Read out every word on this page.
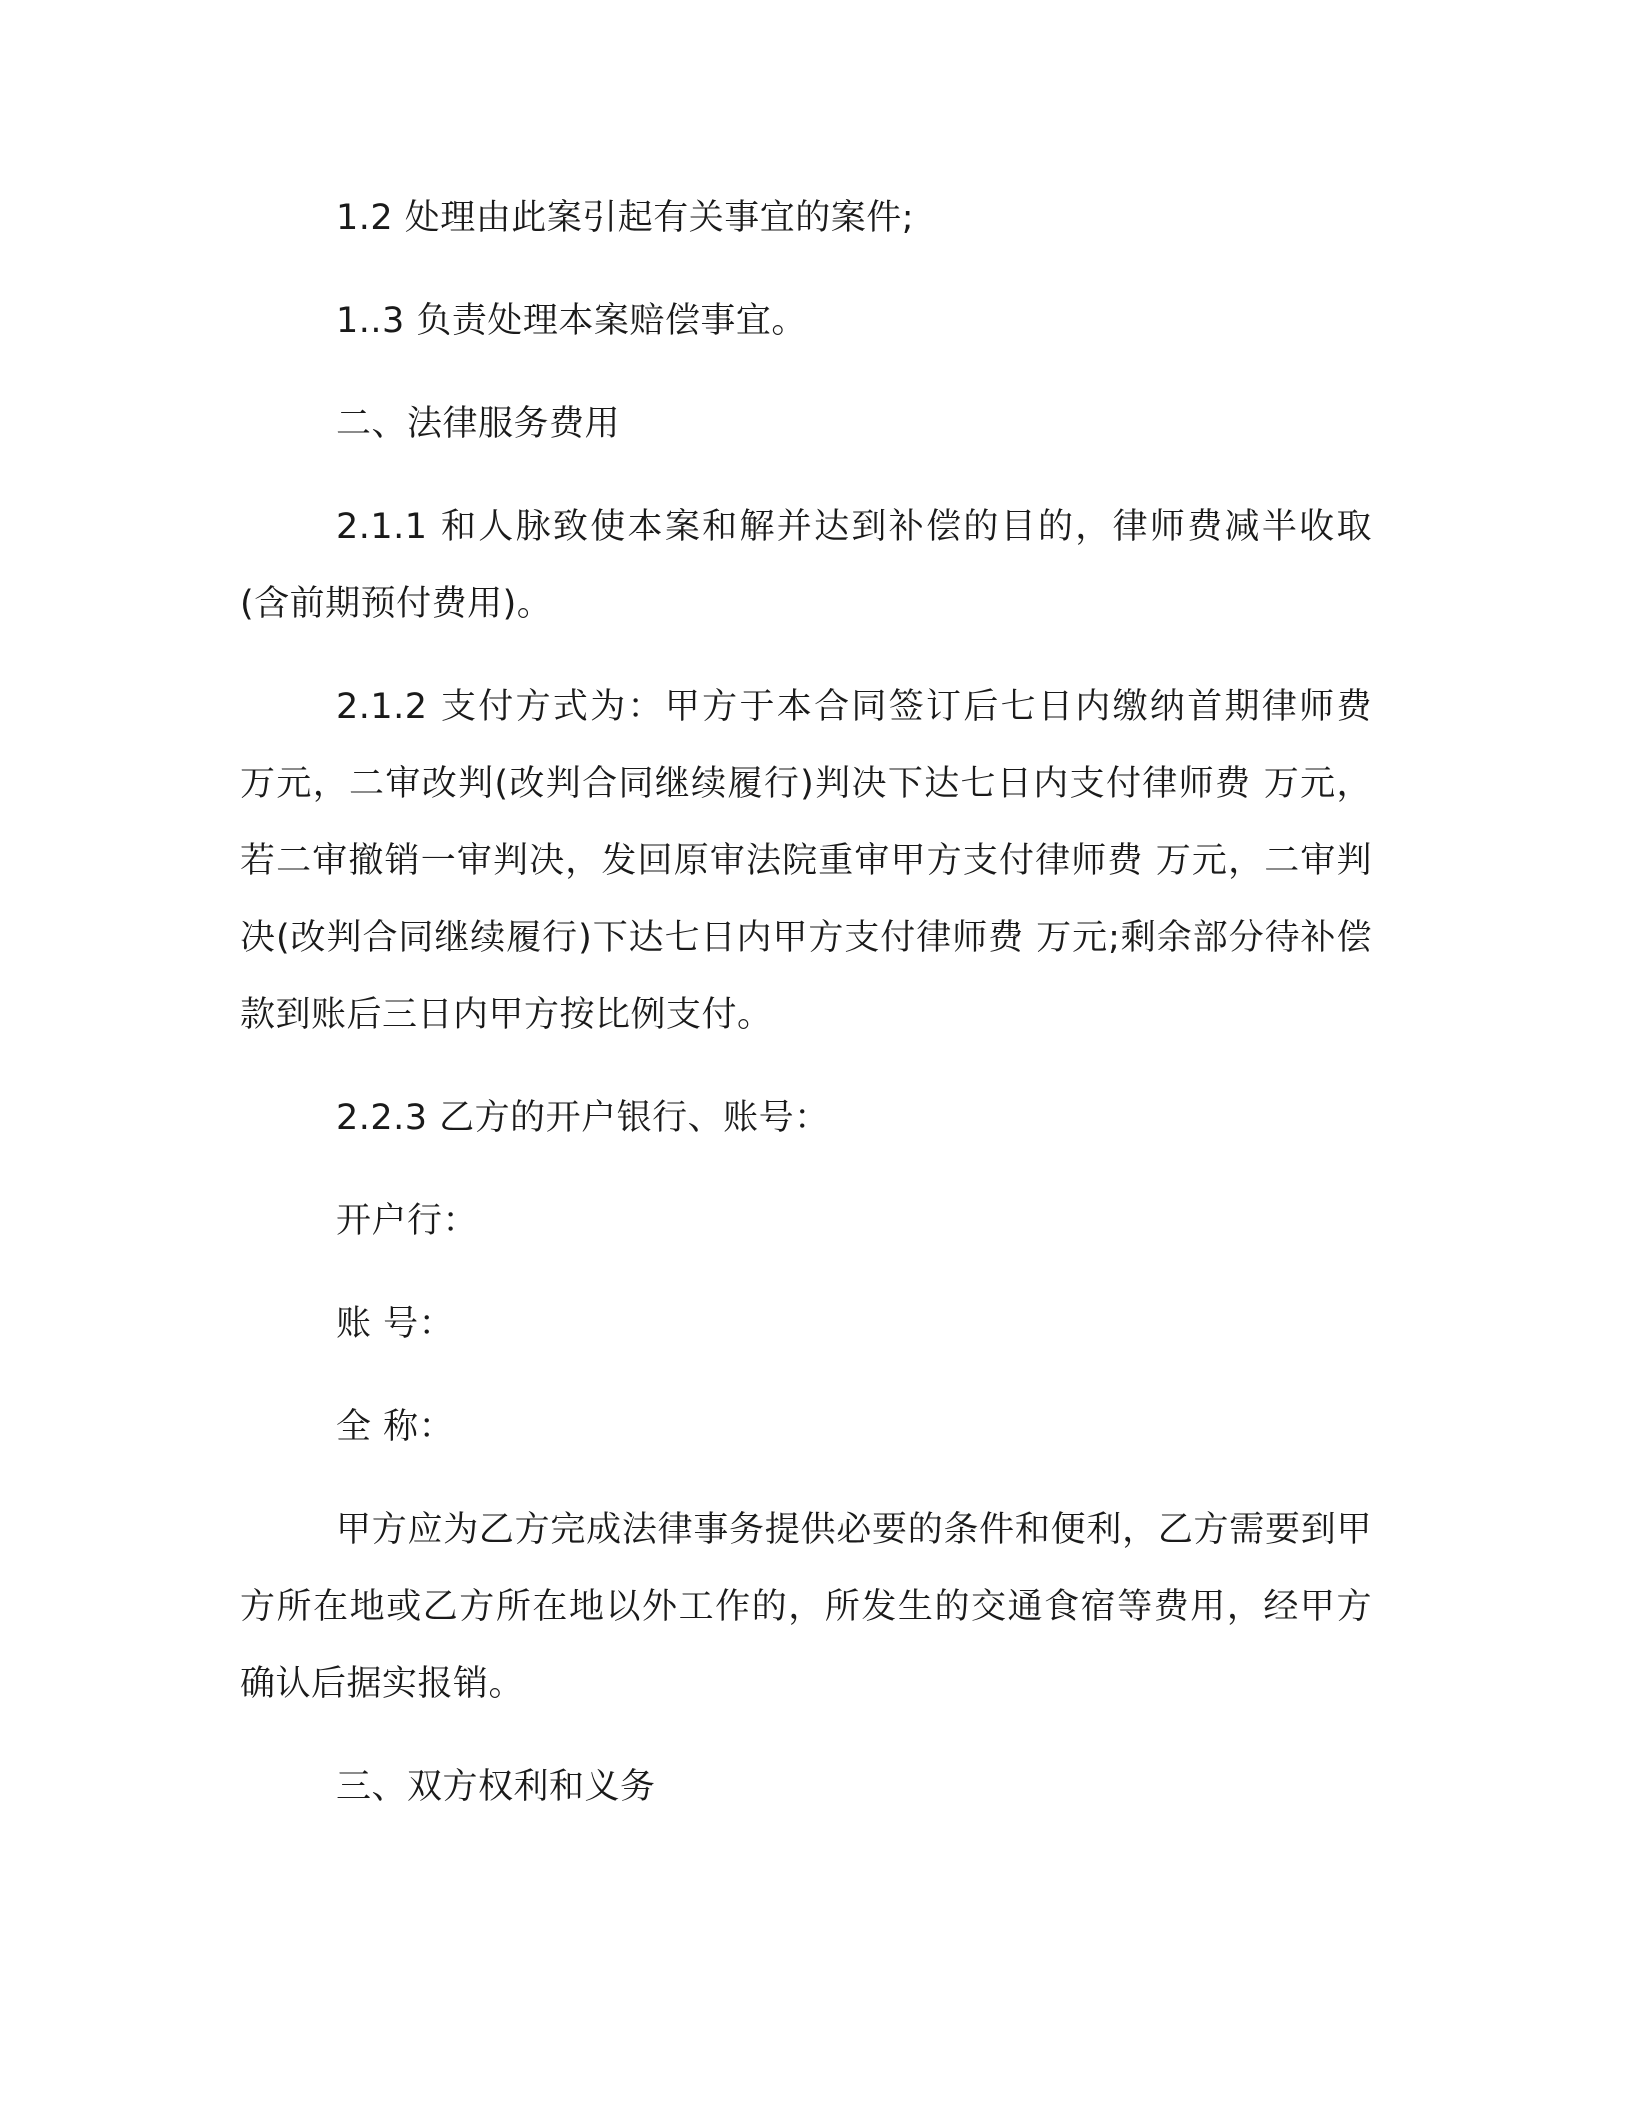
1.2 处理由此案引起有关事宜的案件;
1..3 负责处理本案赔偿事宜。
二、法律服务费用
2.1.1 和人脉致使本案和解并达到补偿的目的，律师费减半收取(含前期预付费用)。
2.1.2 支付方式为：甲方于本合同签订后七日内缴纳首期律师费 万元，二审改判(改判合同继续履行)判决下达七日内支付律师费 万元，若二审撤销一审判决，发回原审法院重审甲方支付律师费 万元，二审判决(改判合同继续履行)下达七日内甲方支付律师费 万元;剩余部分待补偿款到账后三日内甲方按比例支付。
2.2.3 乙方的开户银行、账号：
开户行：
账 号：
全 称：
甲方应为乙方完成法律事务提供必要的条件和便利，乙方需要到甲方所在地或乙方所在地以外工作的，所发生的交通食宿等费用，经甲方确认后据实报销。
三、双方权利和义务
